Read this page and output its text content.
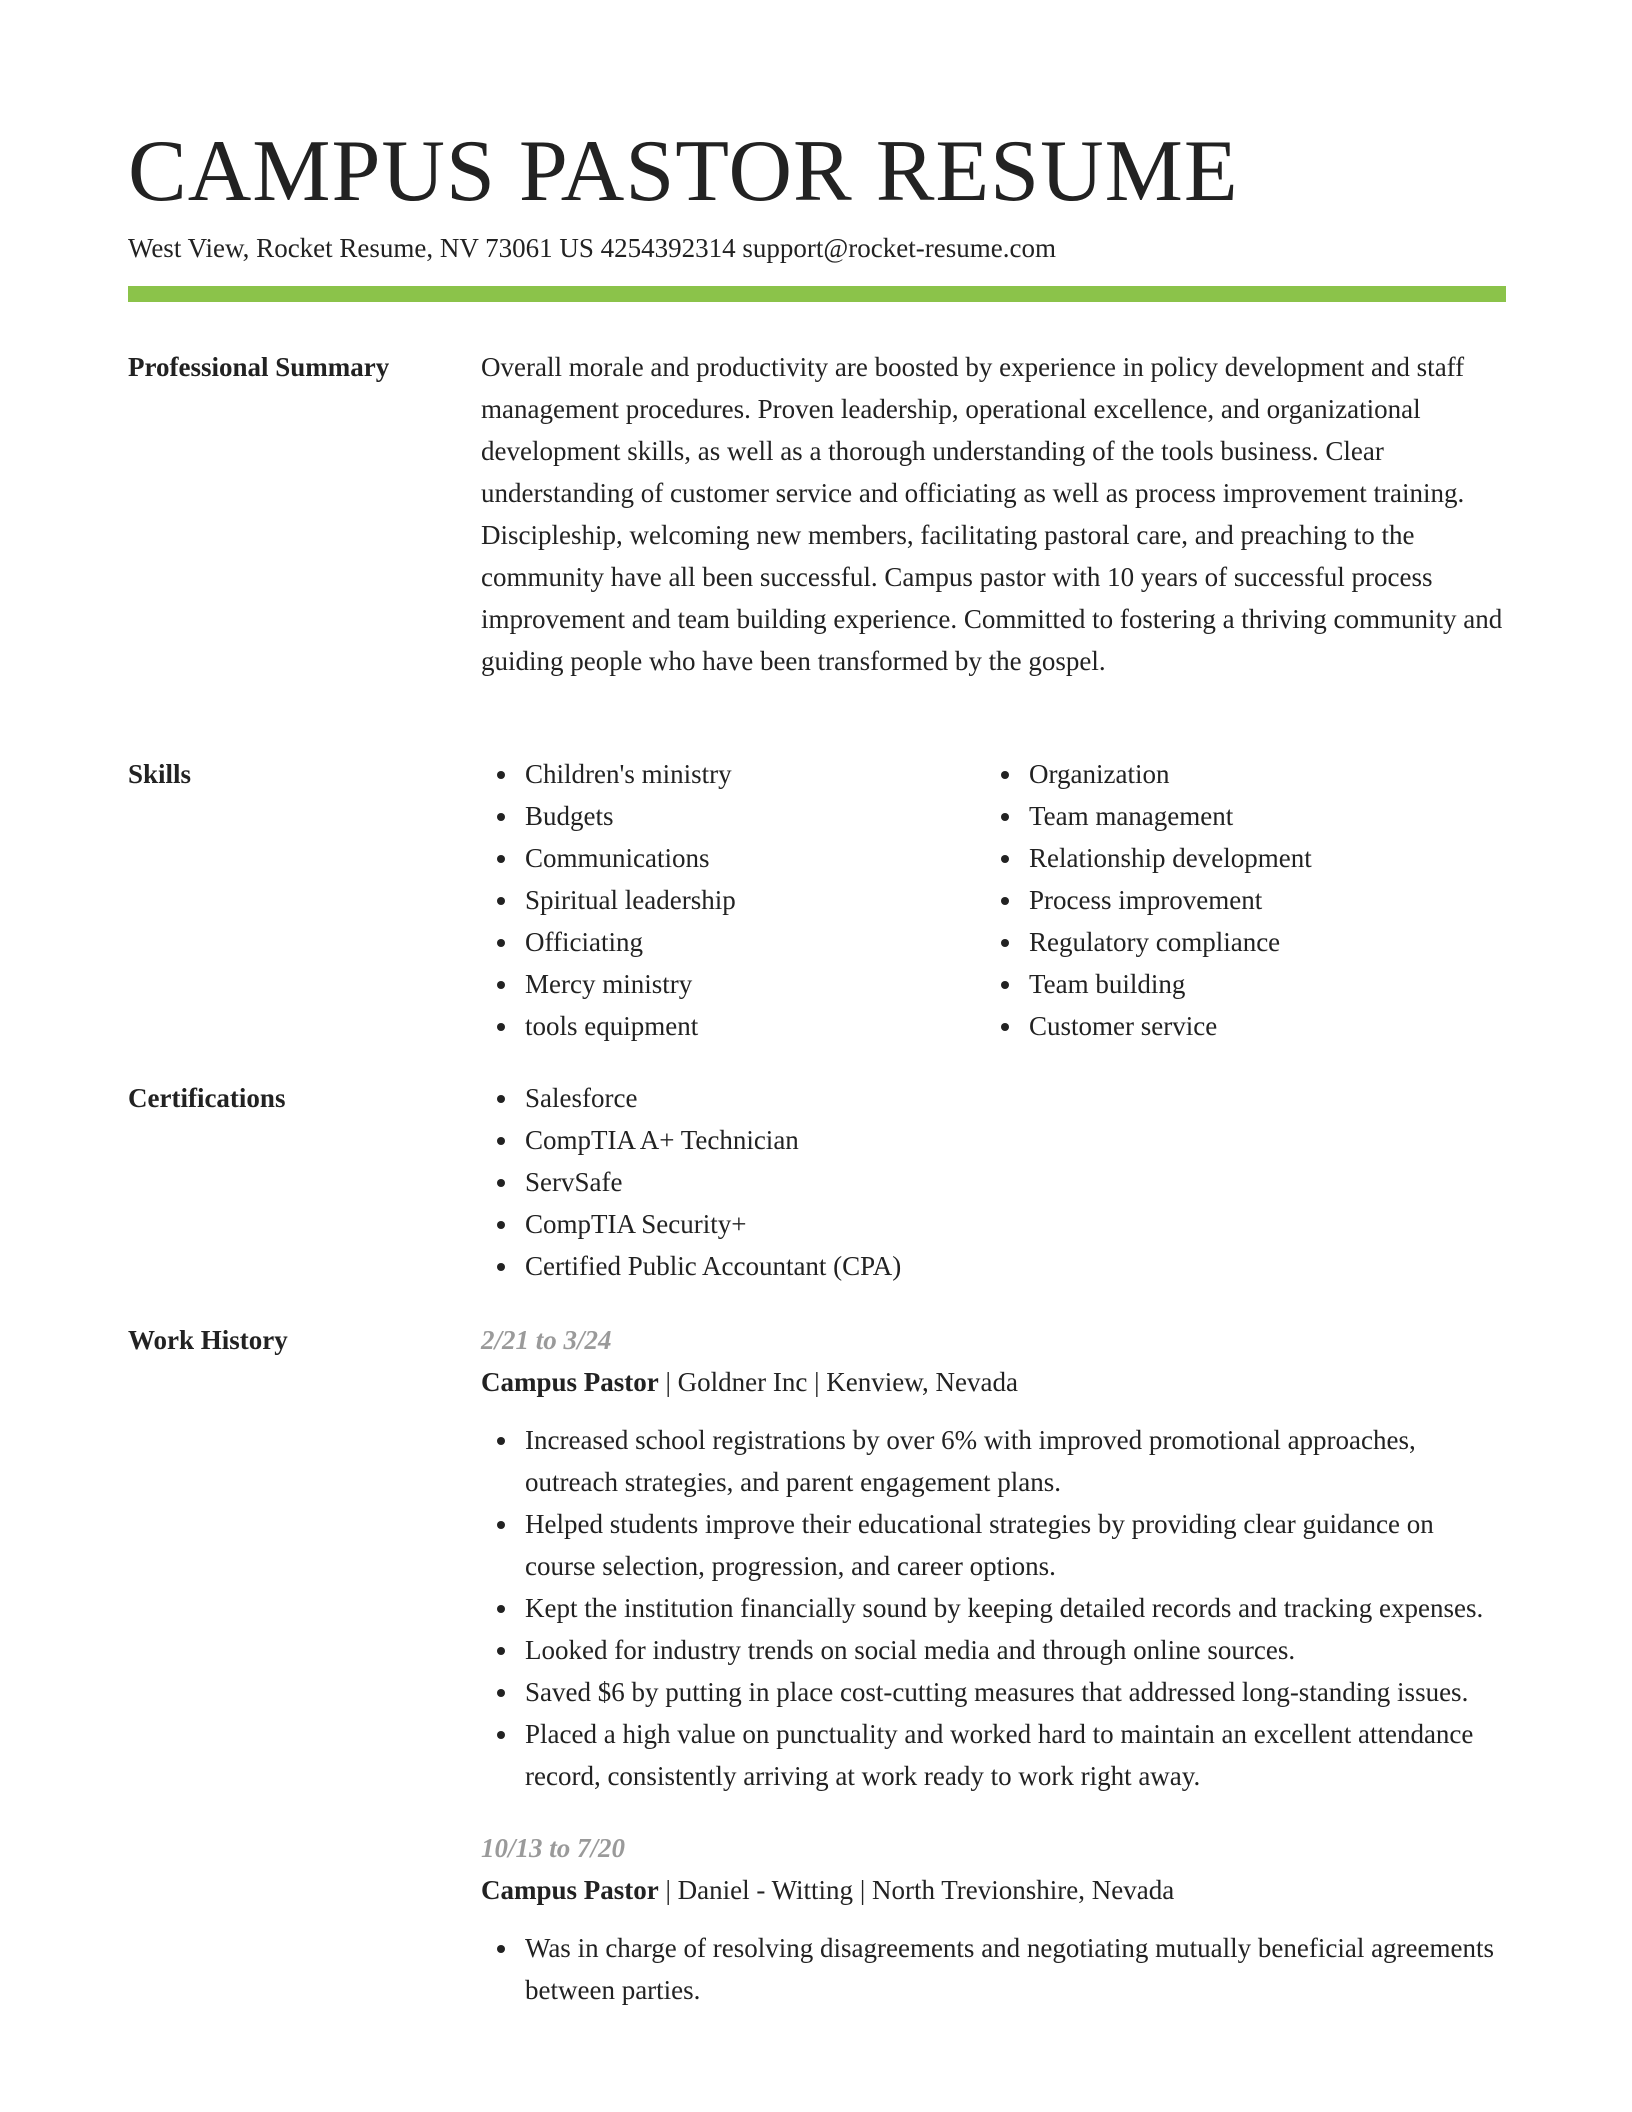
CAMPUS PASTOR RESUME
West View, Rocket Resume, NV 73061 US 4254392314 support@rocket-resume.com
Professional Summary	Overall morale and productivity are boosted by experience in policy development and staff management procedures. Proven leadership, operational excellence, and organizational development skills, as well as a thorough understanding of the tools business. Clear understanding of customer service and officiating as well as process improvement training. Discipleship, welcoming new members, facilitating pastoral care, and preaching to the community have all been successful. Campus pastor with 10 years of successful process improvement and team building experience. Committed to fostering a thriving community and guiding people who have been transformed by the gospel.

Skills	Children's ministry
Budgets
Communications
Spiritual leadership
Officiating
Mercy ministry
tools equipment
Organization
Team management
Relationship development
Process improvement
Regulatory compliance
Team building
Customer service
Certifications	Salesforce
CompTIA A+ Technician
ServSafe
CompTIA Security+
Certified Public Accountant (CPA)
Work History	2/21 to 3/24
Campus Pastor | Goldner Inc | Kenview, Nevada
Increased school registrations by over 6% with improved promotional approaches, outreach strategies, and parent engagement plans.
Helped students improve their educational strategies by providing clear guidance on course selection, progression, and career options.
Kept the institution financially sound by keeping detailed records and tracking expenses.
Looked for industry trends on social media and through online sources.
Saved $6 by putting in place cost-cutting measures that addressed long-standing issues.
Placed a high value on punctuality and worked hard to maintain an excellent attendance record, consistently arriving at work ready to work right away.
10/13 to 7/20
Campus Pastor | Daniel - Witting | North Trevionshire, Nevada
Was in charge of resolving disagreements and negotiating mutually beneficial agreements between parties.
